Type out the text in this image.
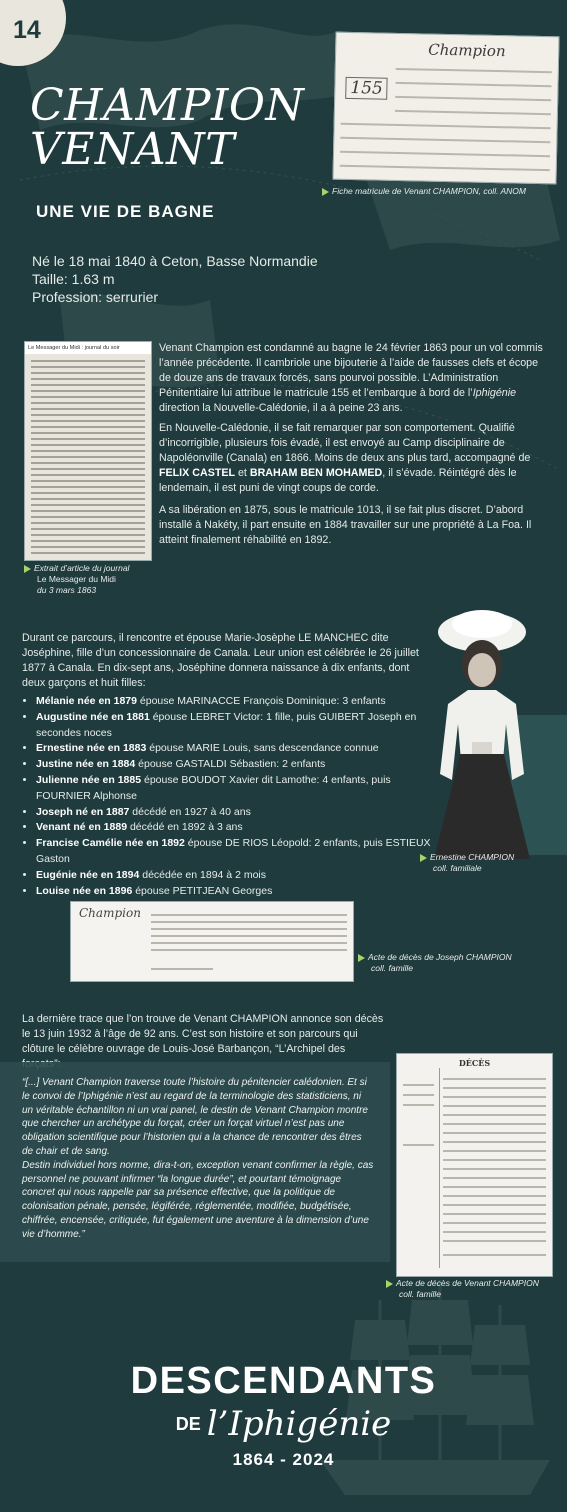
14
CHAMPION
VENANT
UNE VIE DE BAGNE
Né le 18 mai 1840 à Ceton, Basse Normandie
Taille: 1.63 m
Profession: serrurier
Champion
155
Fiche matricule de Venant CHAMPION, coll. ANOM
Le Messager du Midi : journal du soir
Extrait d’article du journal
Le Messager du Midi
du 3 mars 1863
Venant Champion est condamné au bagne le 24 février 1863 pour un vol commis l’année précédente. Il cambriole une bijouterie à l’aide de fausses clefs et écope de douze ans de travaux forcés, sans pourvoi possible. L’Administration Pénitentiaire lui attribue le matricule 155 et l’embarque à bord de l’Iphigénie direction la Nouvelle-Calédonie, il a à peine 23 ans.
En Nouvelle-Calédonie, il se fait remarquer par son comportement. Qualifié d’incorrigible, plusieurs fois évadé, il est envoyé au Camp disciplinaire de Napoléonville (Canala) en 1866. Moins de deux ans plus tard, accompagné de FELIX CASTEL et BRAHAM BEN MOHAMED, il s’évade. Réintégré dès le lendemain, il est puni de vingt coups de corde.
A sa libération en 1875, sous le matricule 1013, il se fait plus discret. D’abord installé à Nakéty, il part ensuite en 1884 travailler sur une propriété à La Foa. Il atteint finalement réhabilité en 1892.
Durant ce parcours, il rencontre et épouse Marie-Josèphe LE MANCHEC dite Joséphine, fille d’un concessionnaire de Canala. Leur union est célébrée le 26 juillet 1877 à Canala. En dix-sept ans, Joséphine donnera naissance à dix enfants, dont deux garçons et huit filles:
• Mélanie née en 1879 épouse MARINACCE François Dominique: 3 enfants
• Augustine née en 1881 épouse LEBRET Victor: 1 fille, puis GUIBERT Joseph en secondes noces
• Ernestine née en 1883 épouse MARIE Louis, sans descendance connue
• Justine née en 1884 épouse GASTALDI Sébastien: 2 enfants
• Julienne née en 1885 épouse BOUDOT Xavier dit Lamothe: 4 enfants, puis FOURNIER Alphonse
• Joseph né en 1887 décédé en 1927 à 40 ans
• Venant né en 1889 décédé en 1892 à 3 ans
• Francise Camélie née en 1892 épouse DE RIOS Léopold: 2 enfants, puis ESTIEUX Gaston
• Eugénie née en 1894 décédée en 1894 à 2 mois
• Louise née en 1896 épouse PETITJEAN Georges
Ernestine CHAMPION
coll. familiale
Champion
Acte de décès de Joseph CHAMPION
coll. famille
La dernière trace que l’on trouve de Venant CHAMPION annonce son décès le 13 juin 1932 à l’âge de 92 ans. C’est son histoire et son parcours qui clôture le célèbre ouvrage de Louis-José Barbançon, “L’Archipel des
“[...] Venant Champion traverse toute l’histoire du pénitencier calédonien. Et si le convoi de l’Iphigénie n’est au regard de la terminologie des statisticiens, ni un véritable échantillon ni un vrai panel, le destin de Venant Champion montre que chercher un archétype du forçat, créer un forçat virtuel n’est pas une obligation scientifique pour l’historien qui a la chance de rencontrer des êtres de chair et de sang.
Destin individuel hors norme, dira-t-on, exception venant confirmer la règle, cas personnel ne pouvant infirmer “la longue durée”, et pourtant témoignage concret qui nous rappelle par sa présence effective, que la politique de colonisation pénale, pensée, légiférée, réglementée, modifiée, budgétisée, chiffrée, encensée, critiquée, fut également une aventure à la dimension d’une vie d’homme.”
DÉCÈS
Acte de décès de Venant CHAMPION
coll. famille
DESCENDANTS
DE l’Iphigénie
1864 - 2024
